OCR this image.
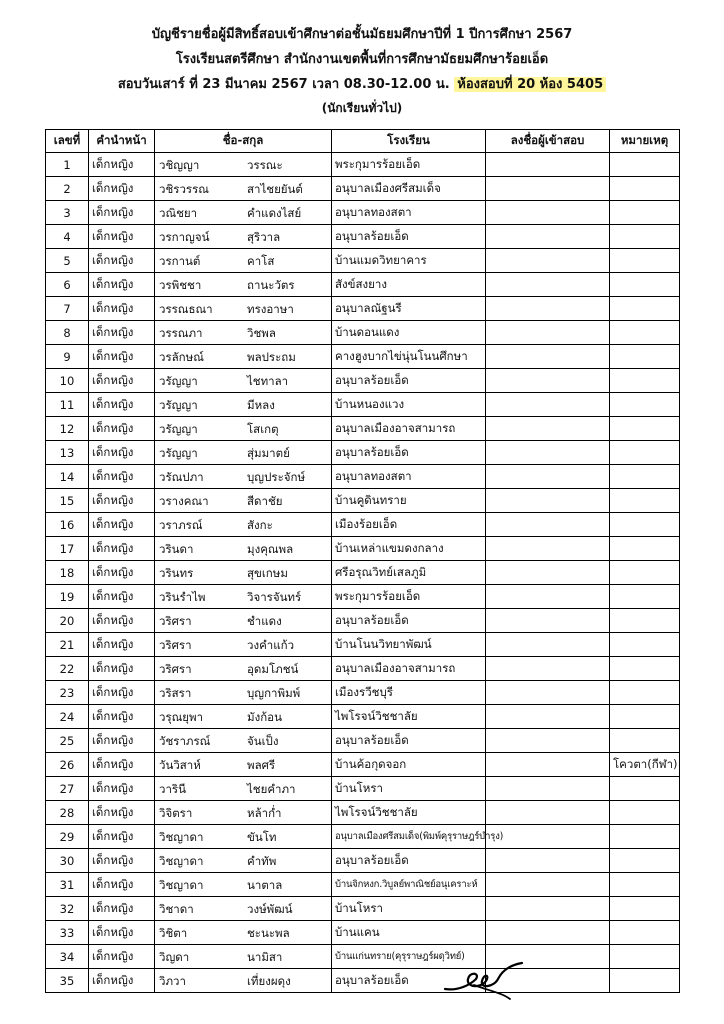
บัญชีรายชื่อผู้มีสิทธิ์สอบเข้าศึกษาต่อชั้นมัธยมศึกษาปีที่ 1 ปีการศึกษา 2567
โรงเรียนสตรีศึกษา สำนักงานเขตพื้นที่การศึกษามัธยมศึกษาร้อยเอ็ด
สอบวันเสาร์ ที่ 23 มีนาคม 2567 เวลา 08.30-12.00 น. ห้องสอบที่ 20 ห้อง 5405
(นักเรียนทั่วไป)
เลขที่	คำนำหน้า	ชื่อ-สกุล	โรงเรียน	ลงชื่อผู้เข้าสอบ	หมายเหตุ
1	เด็กหญิง	วชิญญา วรรณะ	พระกุมารร้อยเอ็ด		
2	เด็กหญิง	วชิรวรรณ สาไชยยันต์	อนุบาลเมืองศรีสมเด็จ		
3	เด็กหญิง	วณิชยา คำแดงไสย์	อนุบาลทองสตา		
4	เด็กหญิง	วรกาญจน์ สุริวาล	อนุบาลร้อยเอ็ด		
5	เด็กหญิง	วรกานต์ คาโส	บ้านแมดวิทยาคาร		
6	เด็กหญิง	วรพิชชา ถานะวัตร	สังข์สงยาง		
7	เด็กหญิง	วรรณธณา ทรงอาษา	อนุบาลณัฐนรี		
8	เด็กหญิง	วรรณภา วิชพล	บ้านดอนแดง		
9	เด็กหญิง	วรลักษณ์ พลประถม	คางฮูงบากไข่นุ่นโนนศึกษา		
10	เด็กหญิง	วรัญญา ไชทาลา	อนุบาลร้อยเอ็ด		
11	เด็กหญิง	วรัญญา มีหลง	บ้านหนองแวง		
12	เด็กหญิง	วรัญญา โสเกตุ	อนุบาลเมืองอาจสามารถ		
13	เด็กหญิง	วรัญญา สุ่มมาตย์	อนุบาลร้อยเอ็ด		
14	เด็กหญิง	วรัณปภา บุญประจักษ์	อนุบาลทองสตา		
15	เด็กหญิง	วรางคณา สีดาชัย	บ้านคูดินทราย		
16	เด็กหญิง	วราภรณ์ สังกะ	เมืองร้อยเอ็ด		
17	เด็กหญิง	วรินดา มุงคุณพล	บ้านเหล่าแขมดงกลาง		
18	เด็กหญิง	วรินทร สุขเกษม	ศรีอรุณวิทย์เสลภูมิ		
19	เด็กหญิง	วรินรำไพ วิจารจันทร์	พระกุมารร้อยเอ็ด		
20	เด็กหญิง	วริศรา ชำแดง	อนุบาลร้อยเอ็ด		
21	เด็กหญิง	วริศรา วงคำแก้ว	บ้านโนนวิทยาพัฒน์		
22	เด็กหญิง	วริศรา อุดมโภชน์	อนุบาลเมืองอาจสามารถ		
23	เด็กหญิง	วริสรา บุญกาพิมพ์	เมืองรวีชบุรี		
24	เด็กหญิง	วรุณยุพา มังก้อน	ไพโรจน์วิชชาลัย		
25	เด็กหญิง	วัชราภรณ์ จันเป็ง	อนุบาลร้อยเอ็ด		
26	เด็กหญิง	วันวิสาห์ พลศรี	บ้านค้อกุดจอก		โควตา(กีฬา)
27	เด็กหญิง	วารินี ไชยคำภา	บ้านโหรา		
28	เด็กหญิง	วิจิตรา หล้าก่ำ	ไพโรจน์วิชชาลัย		
29	เด็กหญิง	วิชญาดา ขันโท	อนุบาลเมืองศรีสมเด็จ(พิมพ์คุรุราษฎร์บำรุง)		
30	เด็กหญิง	วิชญาดา คำทัพ	อนุบาลร้อยเอ็ด		
31	เด็กหญิง	วิชญาดา นาตาล	บ้านจิกหงก.วิบูลย์พาณิชย์อนุเคราะห์		
32	เด็กหญิง	วิชาดา วงษ์พัฒน์	บ้านโหรา		
33	เด็กหญิง	วิชิตา ชะนะพล	บ้านแคน		
34	เด็กหญิง	วิญดา นามิสา	บ้านแก่นทราย(คุรุราษฎร์ผดุวิทย์)		
35	เด็กหญิง	วิภวา เที่ยงผดุง	อนุบาลร้อยเอ็ด		
